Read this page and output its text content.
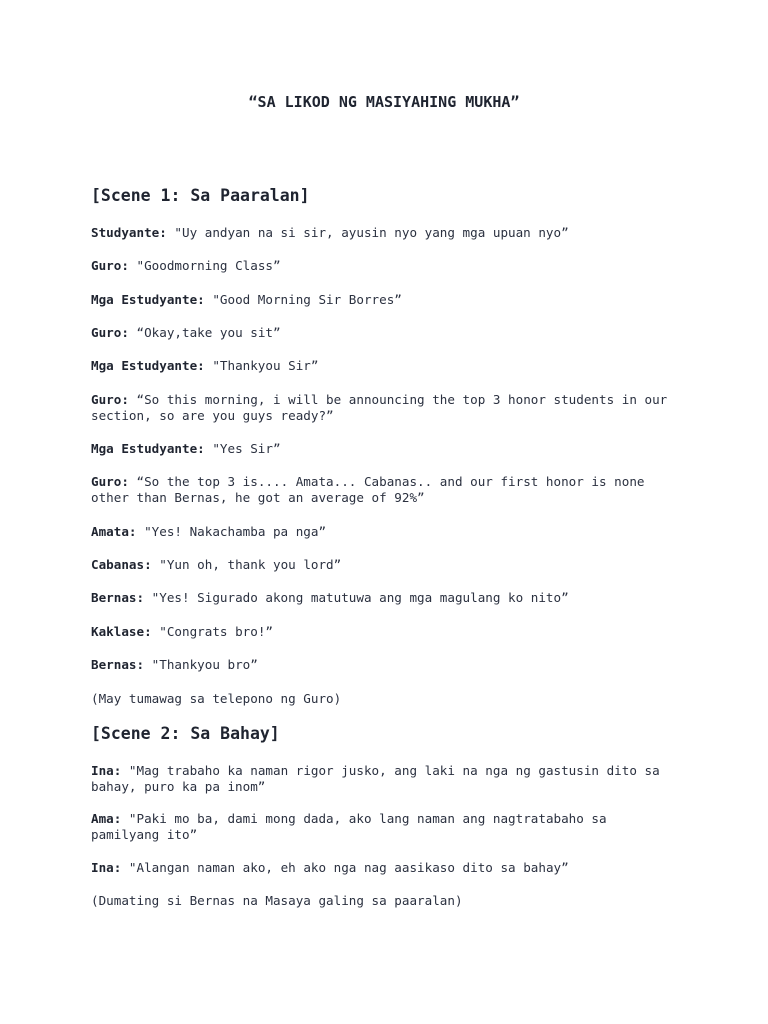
“SA LIKOD NG MASIYAHING MUKHA”
[Scene 1: Sa Paaralan]
Studyante: "Uy andyan na si sir, ayusin nyo yang mga upuan nyo”
Guro: "Goodmorning Class”
Mga Estudyante: "Good Morning Sir Borres”
Guro: “Okay,take you sit”
Mga Estudyante: "Thankyou Sir”
Guro: “So this morning, i will be announcing the top 3 honor students in our section, so are you guys ready?”
Mga Estudyante: "Yes Sir”
Guro: “So the top 3 is.... Amata... Cabanas.. and our first honor is none other than Bernas, he got an average of 92%”
Amata: "Yes! Nakachamba pa nga”
Cabanas: "Yun oh, thank you lord”
Bernas: "Yes! Sigurado akong matutuwa ang mga magulang ko nito”
Kaklase: "Congrats bro!”
Bernas: "Thankyou bro”
(May tumawag sa telepono ng Guro)
[Scene 2: Sa Bahay]
Ina: "Mag trabaho ka naman rigor jusko, ang laki na nga ng gastusin dito sa bahay, puro ka pa inom”
Ama: "Paki mo ba, dami mong dada, ako lang naman ang nagtratabaho sa pamilyang ito”
Ina: "Alangan naman ako, eh ako nga nag aasikaso dito sa bahay”
(Dumating si Bernas na Masaya galing sa paaralan)
